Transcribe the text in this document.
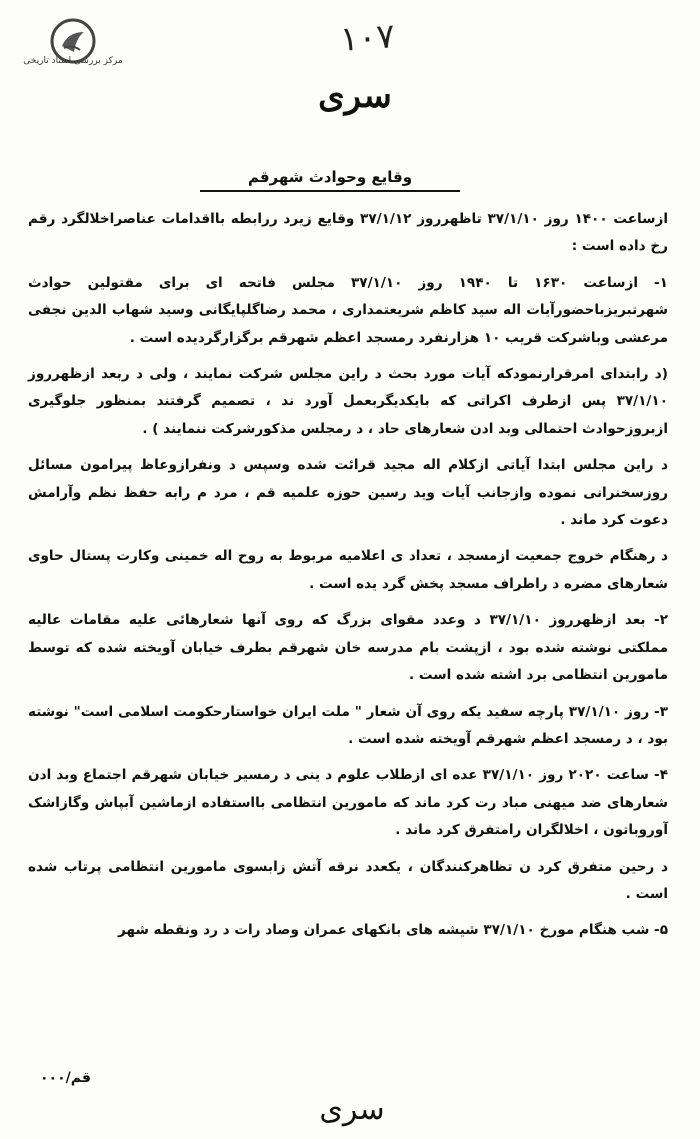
مرکز بررسی اسناد تاریخی
۱۰۷
سری
وقایع وحوادث شهرقم

ازساعت ۱۴۰۰ روز ۳۷/۱/۱۰ تاظهرروز ۳۷/۱/۱۲ وقایع زیرد ررابطه بااقدامات عناصراخلالگرد رقم رخ داده است :

۱- ازساعت ۱۶۳۰ تا ۱۹۴۰ روز ۳۷/۱/۱۰ مجلس فاتحه ای برای مقتولین حوادث شهرتبریزباحضورآیات اله سید کاظم شریعتمداری ، محمد رضاگلپایگانی وسید شهاب الدین نجفی مرعشی وباشرکت قریب ۱۰ هزارنفرد رمسجد اعظم شهرقم برگزارگردیده است .

(د رابتدای امرقرارنمودکه آیات مورد بحث د راین مجلس شرکت نمایند ، ولی د ربعد ازظهرروز ۳۷/۱/۱۰ پس ازطرف اکراتی که بایکدیگربعمل آورد ند ، تصمیم گرفتند بمنظور جلوگیری ازبروزحوادث احتمالی وبد ادن شعارهای حاد ، د رمجلس مذکورشرکت ننمایند ) .

د راین مجلس ابتدا آیاتی ازکلام اله مجید قرائت شده وسپس د ونفرازوعاظ پیرامون مسائل روزسخنرانی نموده وازجانب آیات وید رسین حوزه علمیه قم ، مرد م رابه حفظ نظم وآرامش دعوت کرد ماند .

د رهنگام خروج جمعیت ازمسجد ، تعداد ی اعلامیه مربوط به روح اله خمینی وکارت پستال حاوی شعارهای مضره د راطراف مسجد پخش گرد یده است .

۲- بعد ازظهرروز ۳۷/۱/۱۰ د وعدد مقوای بزرگ که روی آنها شعارهائی علیه مقامات عالیه مملکتی نوشته شده بود ، ازپشت بام مدرسه خان شهرقم بطرف خیابان آویخته شده که توسط مامورین انتظامی برد اشته شده است .

۳- روز ۳۷/۱/۱۰ پارچه سفید یکه روی آن شعار " ملت ایران خواستارحکومت اسلامی است" نوشته بود ، د رمسجد اعظم شهرقم آویخته شده است .

۴- ساعت ۲۰۲۰ روز ۳۷/۱/۱۰ عده ای ازطلاب علوم د ینی د رمسیر خیابان شهرقم اجتماع وبد ادن شعارهای ضد میهنی مباد رت کرد ماند که مامورین انتظامی بااستفاده ازماشین آبپاش وگازاشک آوروباتون ، اخلالگران رامتفرق کرد ماند .

د رحین متفرق کرد ن تظاهرکنندگان ، یکعدد نرقه آتش زابسوی مامورین انتظامی پرتاب شده است .

۵- شب هنگام مورخ ۳۷/۱/۱۰ شیشه های بانکهای عمران وصاد رات د رد ونقطه شهر

قم/۰۰۰
سری
